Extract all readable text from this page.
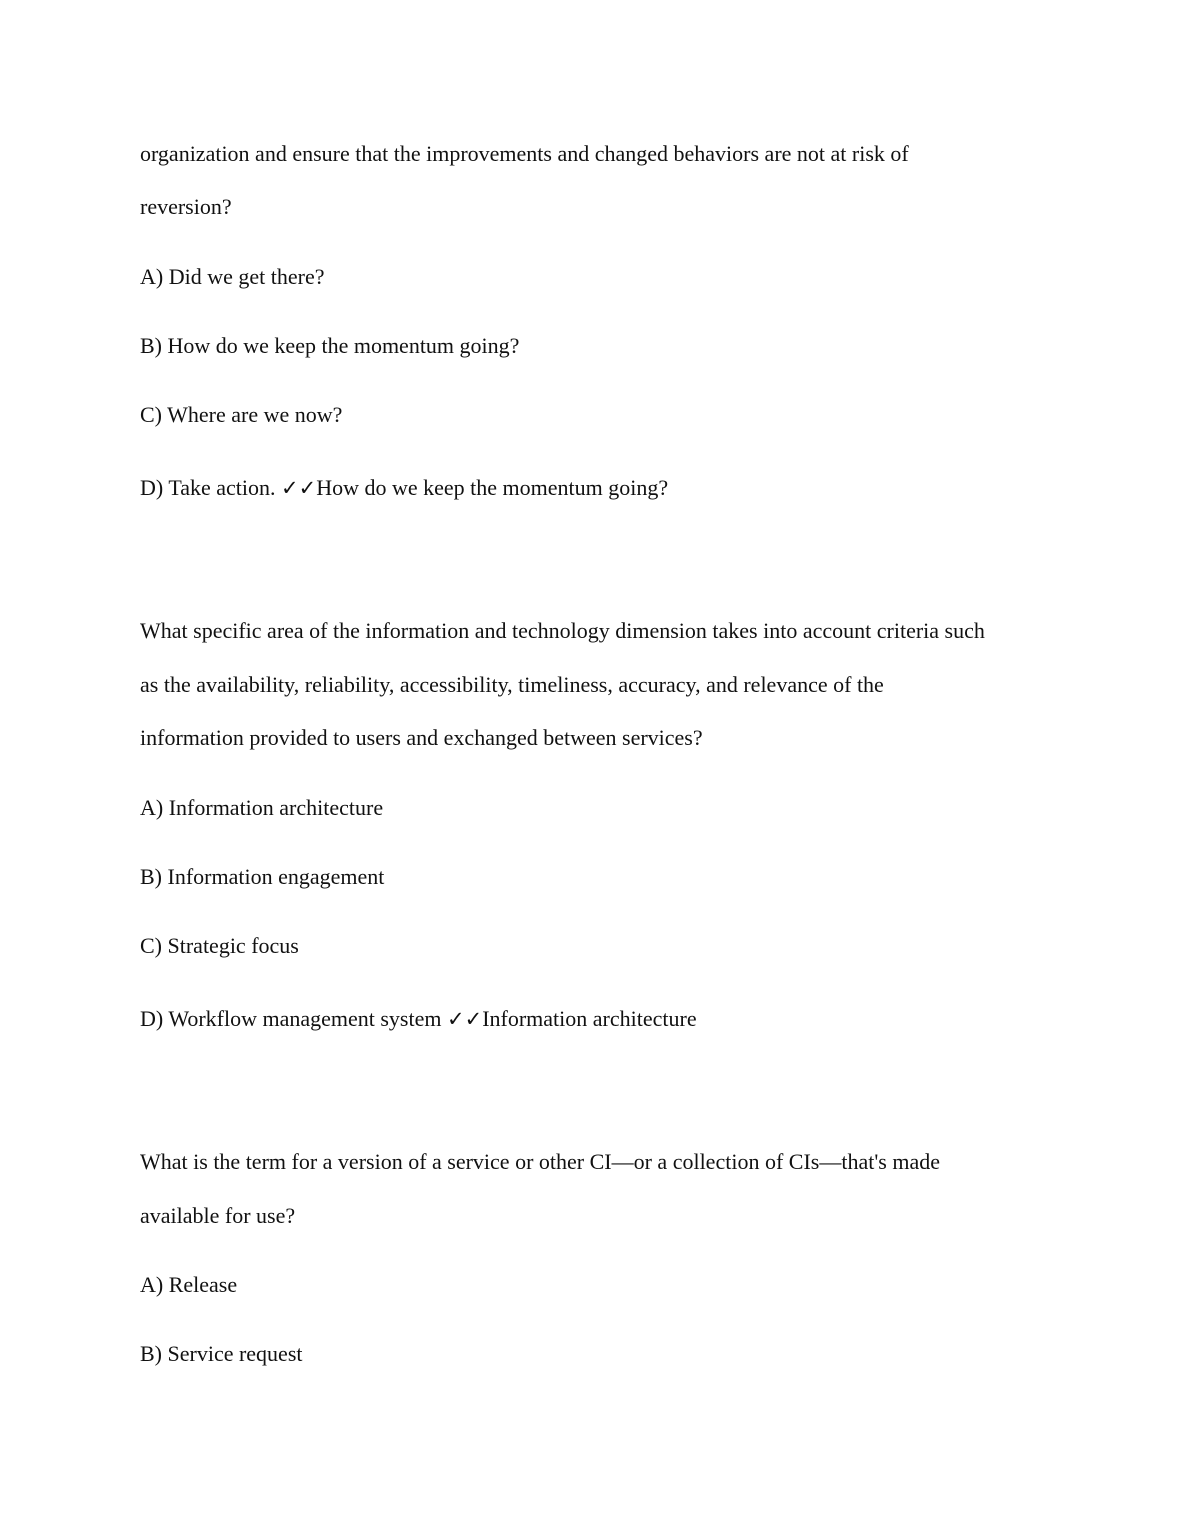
organization and ensure that the improvements and changed behaviors are not at risk of
reversion?
A) Did we get there?
B) How do we keep the momentum going?
C) Where are we now?
D) Take action. ✓✓How do we keep the momentum going?
What specific area of the information and technology dimension takes into account criteria such
as the availability, reliability, accessibility, timeliness, accuracy, and relevance of the
information provided to users and exchanged between services?
A) Information architecture
B) Information engagement
C) Strategic focus
D) Workflow management system ✓✓Information architecture
What is the term for a version of a service or other CI—or a collection of CIs—that's made
available for use?
A) Release
B) Service request
